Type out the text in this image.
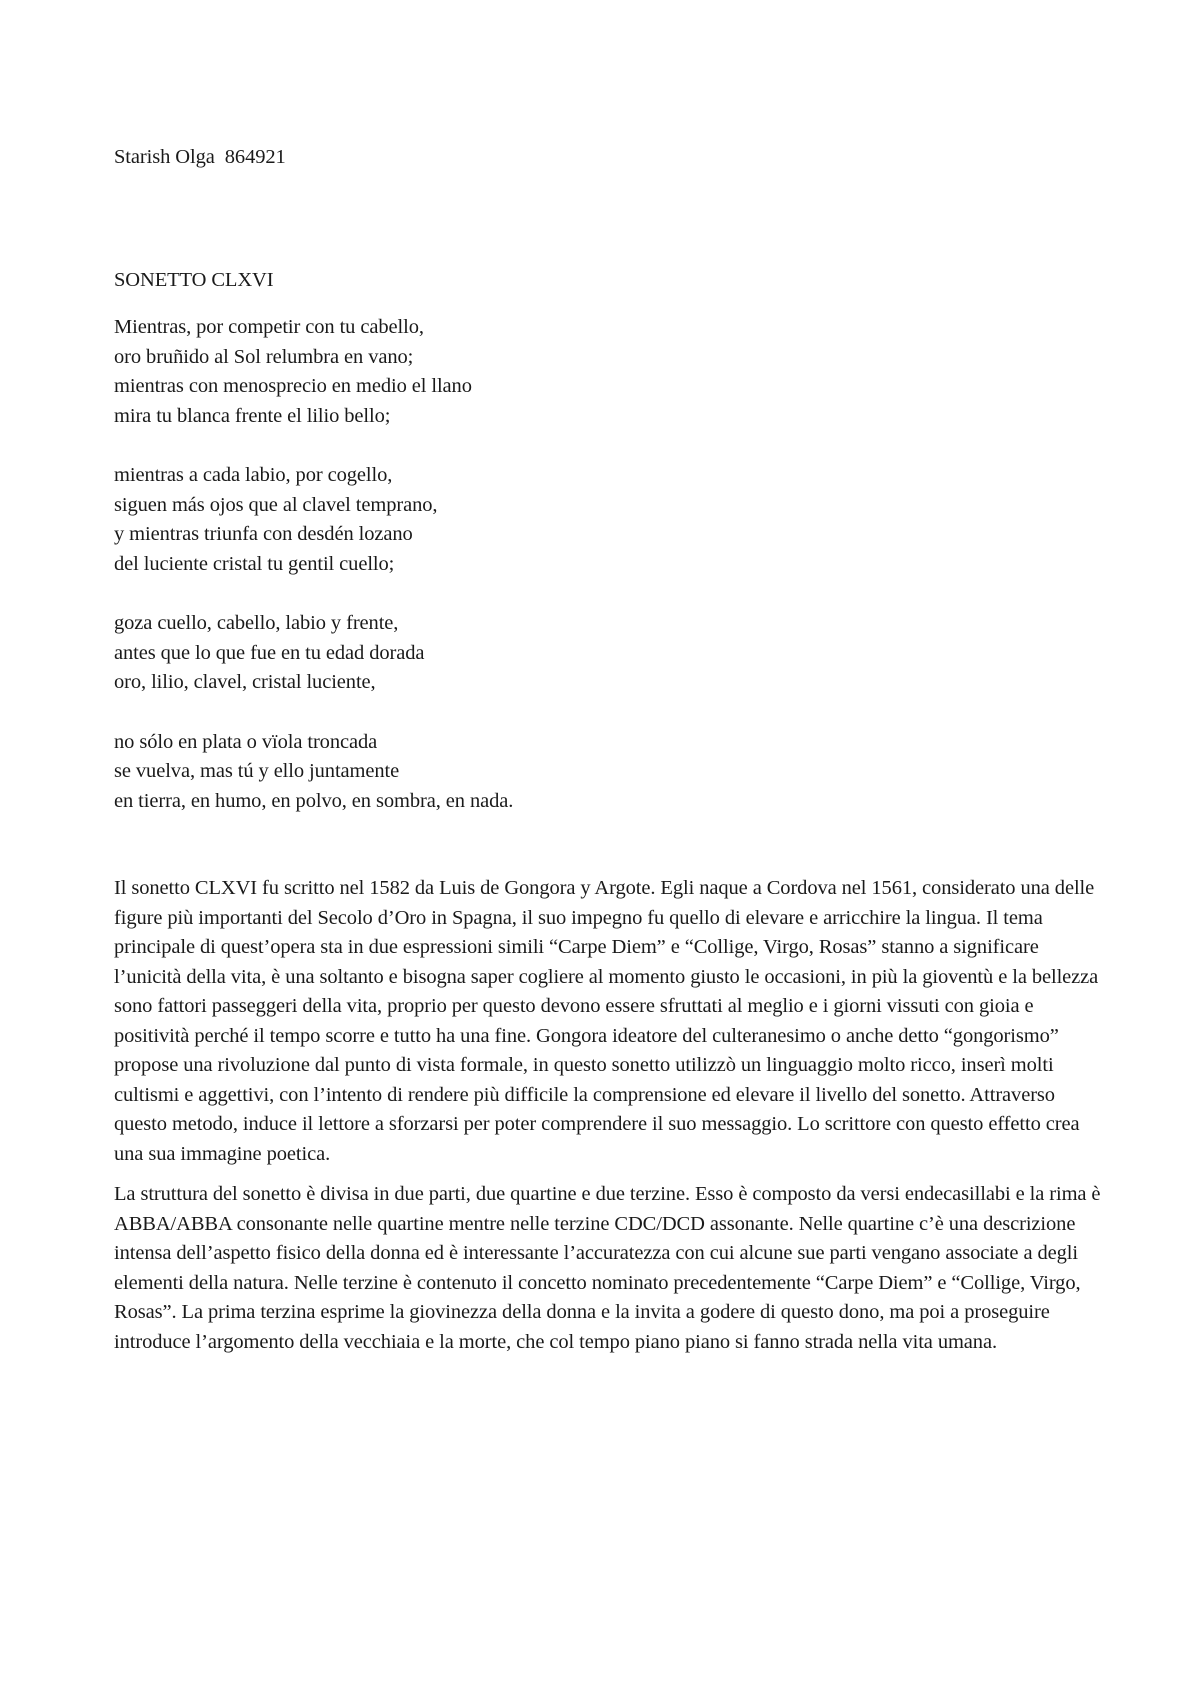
Starish Olga  864921

SONETTO CLXVI

Mientras, por competir con tu cabello,
oro bruñido al Sol relumbra en vano;
mientras con menosprecio en medio el llano
mira tu blanca frente el lilio bello;

mientras a cada labio, por cogello,
siguen más ojos que al clavel temprano,
y mientras triunfa con desdén lozano
del luciente cristal tu gentil cuello;

goza cuello, cabello, labio y frente,
antes que lo que fue en tu edad dorada
oro, lilio, clavel, cristal luciente,

no sólo en plata o vïola troncada
se vuelva, mas tú y ello juntamente
en tierra, en humo, en polvo, en sombra, en nada.

Il sonetto CLXVI fu scritto nel 1582 da Luis de Gongora y Argote. Egli naque a Cordova nel 1561, considerato una delle figure più importanti del Secolo d’Oro in Spagna, il suo impegno fu quello di elevare e arricchire la lingua. Il tema principale di quest’opera sta in due espressioni simili “Carpe Diem” e “Collige, Virgo, Rosas” stanno a significare l’unicità della vita, è una soltanto e bisogna saper cogliere al momento giusto le occasioni, in più la gioventù e la bellezza sono fattori passeggeri della vita, proprio per questo devono essere sfruttati al meglio e i giorni vissuti con gioia e positività perché il tempo scorre e tutto ha una fine. Gongora ideatore del culteranesimo o anche detto “gongorismo” propose una rivoluzione dal punto di vista formale, in questo sonetto utilizzò un linguaggio molto ricco, inserì molti cultismi e aggettivi, con l’intento di rendere più difficile la comprensione ed elevare il livello del sonetto. Attraverso questo metodo, induce il lettore a sforzarsi per poter comprendere il suo messaggio. Lo scrittore con questo effetto crea una sua immagine poetica.

La struttura del sonetto è divisa in due parti, due quartine e due terzine. Esso è composto da versi endecasillabi e la rima è ABBA/ABBA consonante nelle quartine mentre nelle terzine CDC/DCD assonante. Nelle quartine c’è una descrizione intensa dell’aspetto fisico della donna ed è interessante l’accuratezza con cui alcune sue parti vengano associate a degli elementi della natura. Nelle terzine è contenuto il concetto nominato precedentemente “Carpe Diem” e “Collige, Virgo, Rosas”. La prima terzina esprime la giovinezza della donna e la invita a godere di questo dono, ma poi a proseguire introduce l’argomento della vecchiaia e la morte, che col tempo piano piano si fanno strada nella vita umana.
